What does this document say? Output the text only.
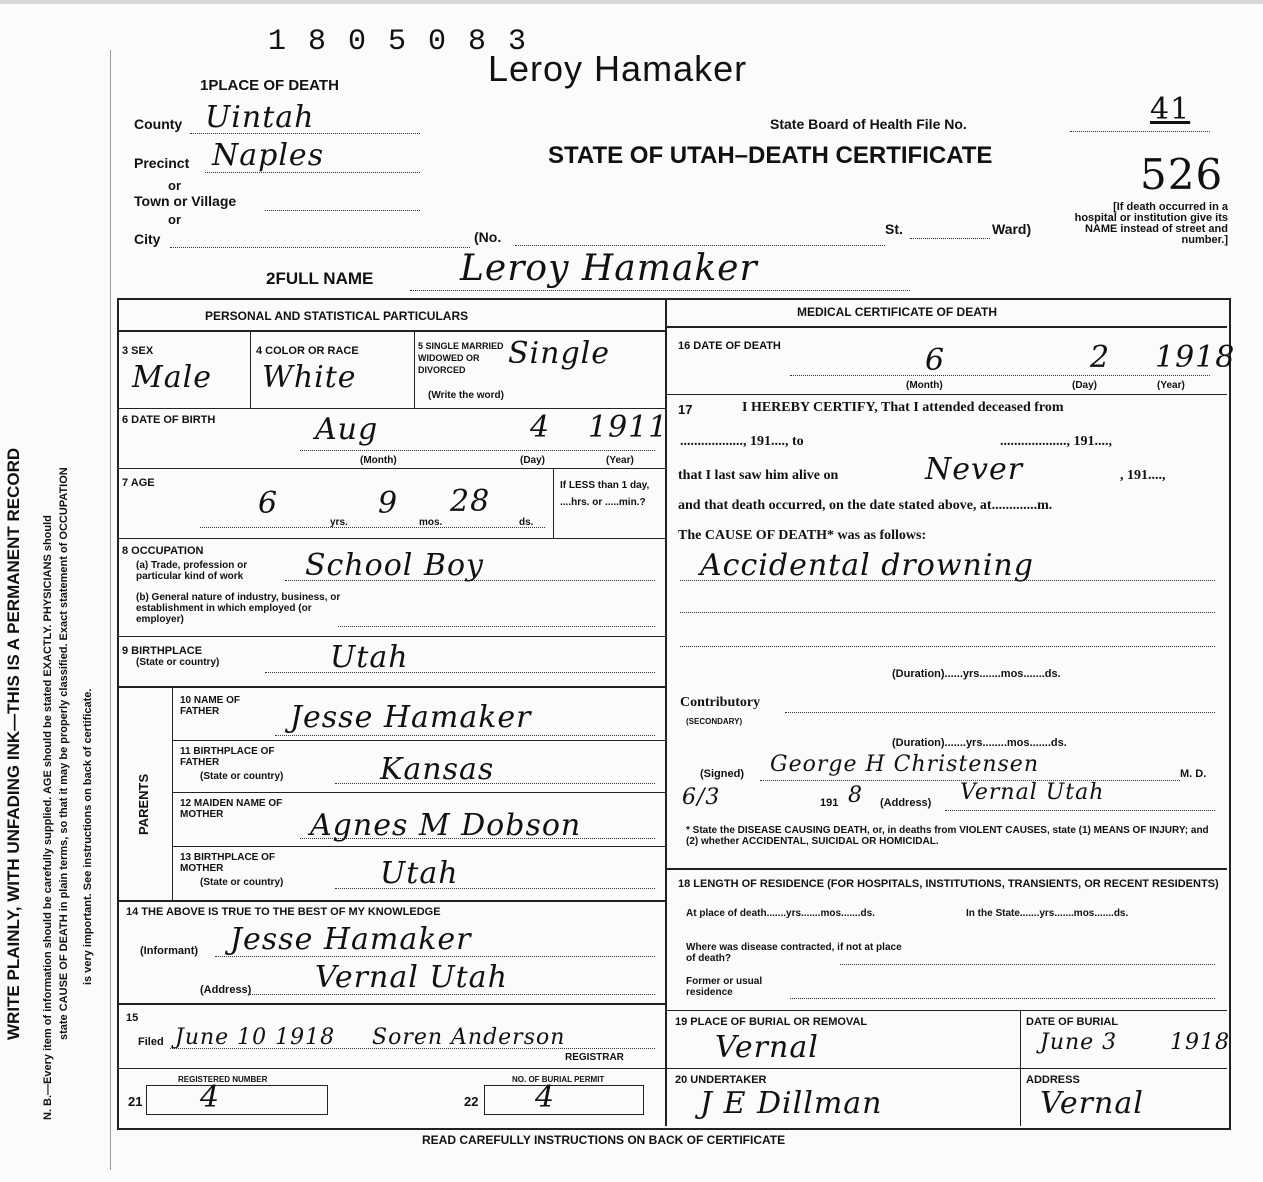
WRITE PLAINLY, WITH UNFADING INK—THIS IS A PERMANENT RECORD N. B.—Every item of information should be carefully supplied. AGE should be stated EXACTLY. PHYSICIANS should state CAUSE OF DEATH in plain terms, so that it may be properly classified. Exact statement of OCCUPATION is very important. See instructions on back of certificate.
1 8 0 5 0 8 3
Leroy Hamaker
1PLACE OF DEATH
County Uintah
Precinct Naples
or
Town or Village
or
City	(No.	St.	Ward)
State Board of Health File No.	41
STATE OF UTAH–DEATH CERTIFICATE	526
[If death occurred in a hospital or institution give its NAME instead of street and number.]
2FULL NAME Leroy Hamaker
PERSONAL AND STATISTICAL PARTICULARS	MEDICAL CERTIFICATE OF DEATH
3 SEX
Male
4 COLOR OR RACE
White
5 SINGLE MARRIED WIDOWED OR DIVORCED
(Write the word)
Single
6 DATE OF BIRTH	Aug	4 1911
(Month)	(Day)	(Year)
7 AGE
6
yrs.
9
mos.
28
ds.
If LESS than 1 day, ....hrs. or .....min.?
8 OCCUPATION
(a) Trade, profession or particular kind of work	School Boy
(b) General nature of industry, business, or establishment in which employed (or employer)
9 BIRTHPLACE
(State or country)	Utah
PARENTS
10 NAME OF FATHER	Jesse Hamaker
11 BIRTHPLACE OF FATHER
(State or country)	Kansas
12 MAIDEN NAME OF MOTHER	Agnes M Dobson
13 BIRTHPLACE OF MOTHER
(State or country)	Utah
14 THE ABOVE IS TRUE TO THE BEST OF MY KNOWLEDGE
(Informant) Jesse Hamaker
(Address) Vernal Utah
15
Filed June 10 1918 Soren Anderson
REGISTRAR
REGISTERED NUMBER
21 4
NO. OF BURIAL PERMIT
22 4
16 DATE OF DEATH	6	2 1918
(Month)	(Day)	(Year)
17	I HEREBY CERTIFY, That I attended deceased from
.................., 191...., to	..................., 191....,
that I last saw him alive on	Never	, 191....,
and that death occurred, on the date stated above, at.............m.
The CAUSE OF DEATH* was as follows:
Accidental drowning
(Duration)......yrs.......mos.......ds.
Contributory
(SECONDARY)
(Duration).......yrs........mos.......ds.
(Signed) George H Christensen	M. D.
6/3	191 8 (Address) Vernal Utah
* State the DISEASE CAUSING DEATH, or, in deaths from VIOLENT CAUSES, state (1) MEANS OF INJURY; and (2) whether ACCIDENTAL, SUICIDAL OR HOMICIDAL.
18 LENGTH OF RESIDENCE (FOR HOSPITALS, INSTITUTIONS, TRANSIENTS, OR RECENT RESIDENTS)
At place of death.......yrs.......mos.......ds.	In the State.......yrs.......mos.......ds.
Where was disease contracted, if not at place of death?
Former or usual residence
19 PLACE OF BURIAL OR REMOVAL
Vernal
DATE OF BURIAL
June 3 1918
20 UNDERTAKER
J E Dillman
ADDRESS
Vernal
READ CAREFULLY INSTRUCTIONS ON BACK OF CERTIFICATE
